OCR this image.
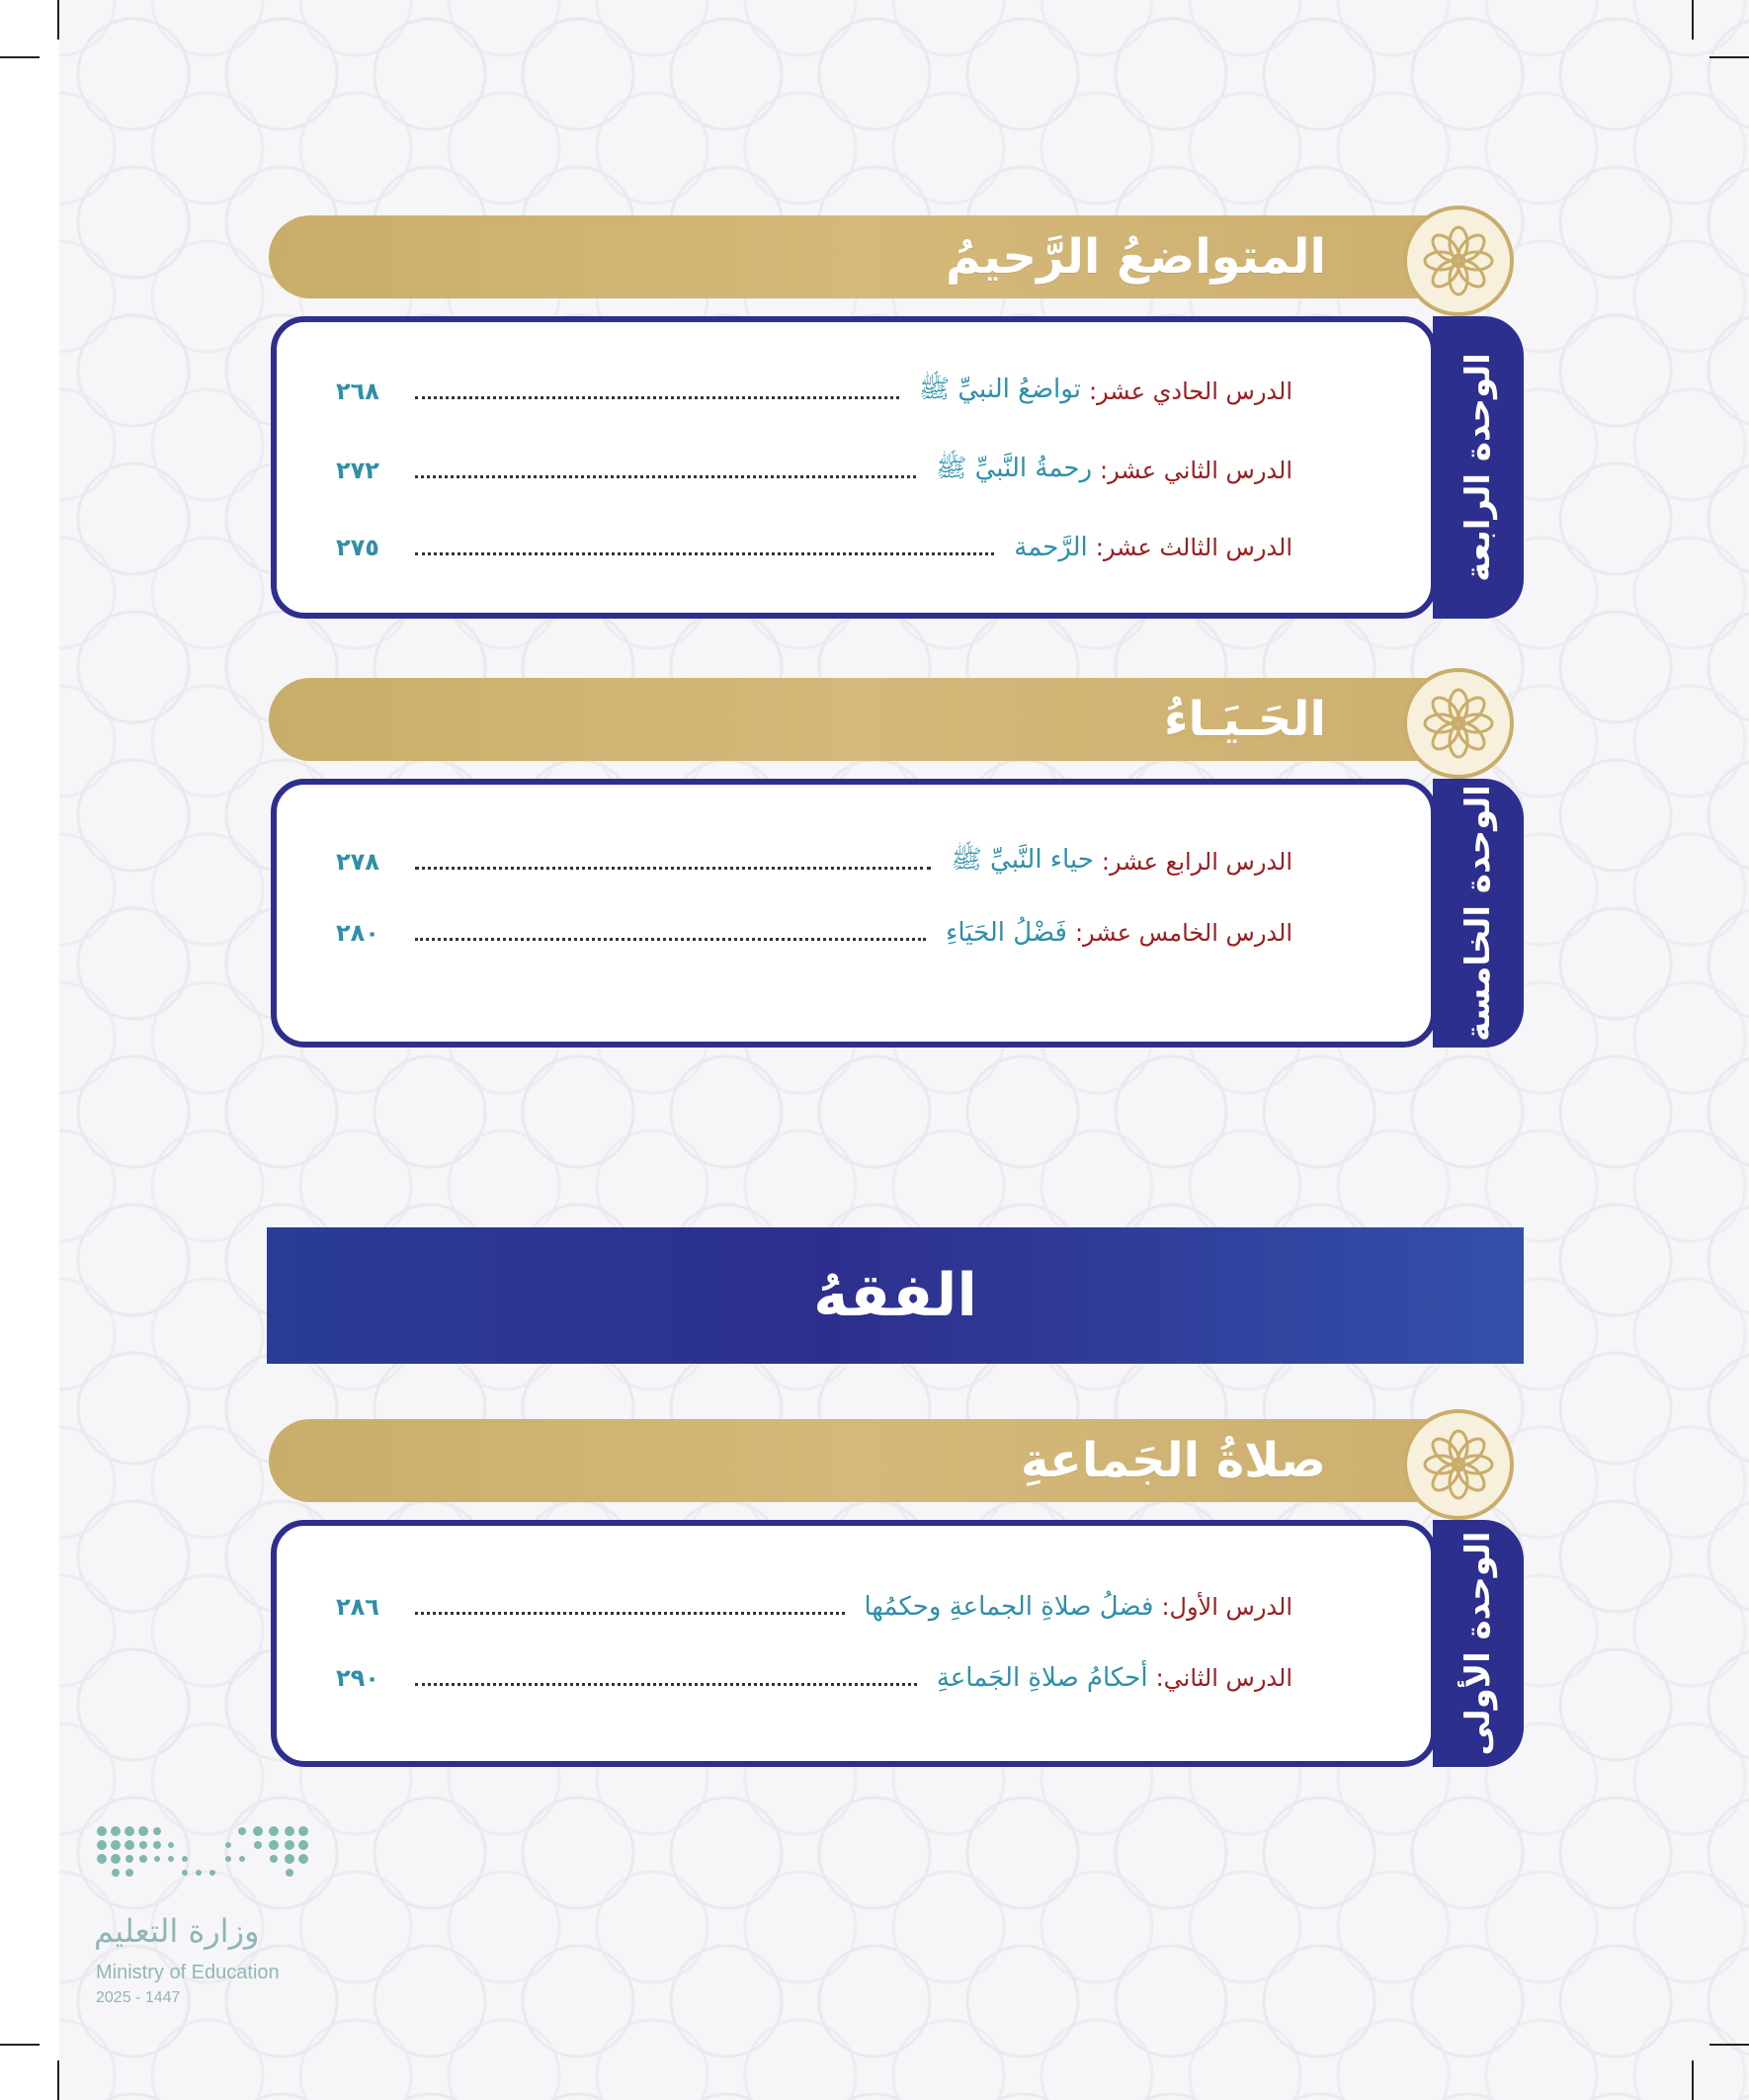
المتواضعُ الرَّحيمُ
الوحدة الرابعة
الدرس الحادي عشر:
تواضعُ النبيِّ ﷺ
٢٦٨
الدرس الثاني عشر:
رحمةُ النَّبيِّ ﷺ
٢٧٢
الدرس الثالث عشر:
الرَّحمة
٢٧٥
الحَـيَـاءُ
الوحدة الخامسة
الدرس الرابع عشر:
حياء النَّبيِّ ﷺ
٢٧٨
الدرس الخامس عشر:
فَضْلُ الحَيَاءِ
٢٨٠
الفقهُ
صلاةُ الجَماعةِ
الوحدة الأولى
الدرس الأول:
فضلُ صلاةِ الجماعةِ وحكمُها
٢٨٦
الدرس الثاني:
أحكامُ صلاةِ الجَماعةِ
٢٩٠
وزارة التعليم
Ministry of Education
2025 - 1447
